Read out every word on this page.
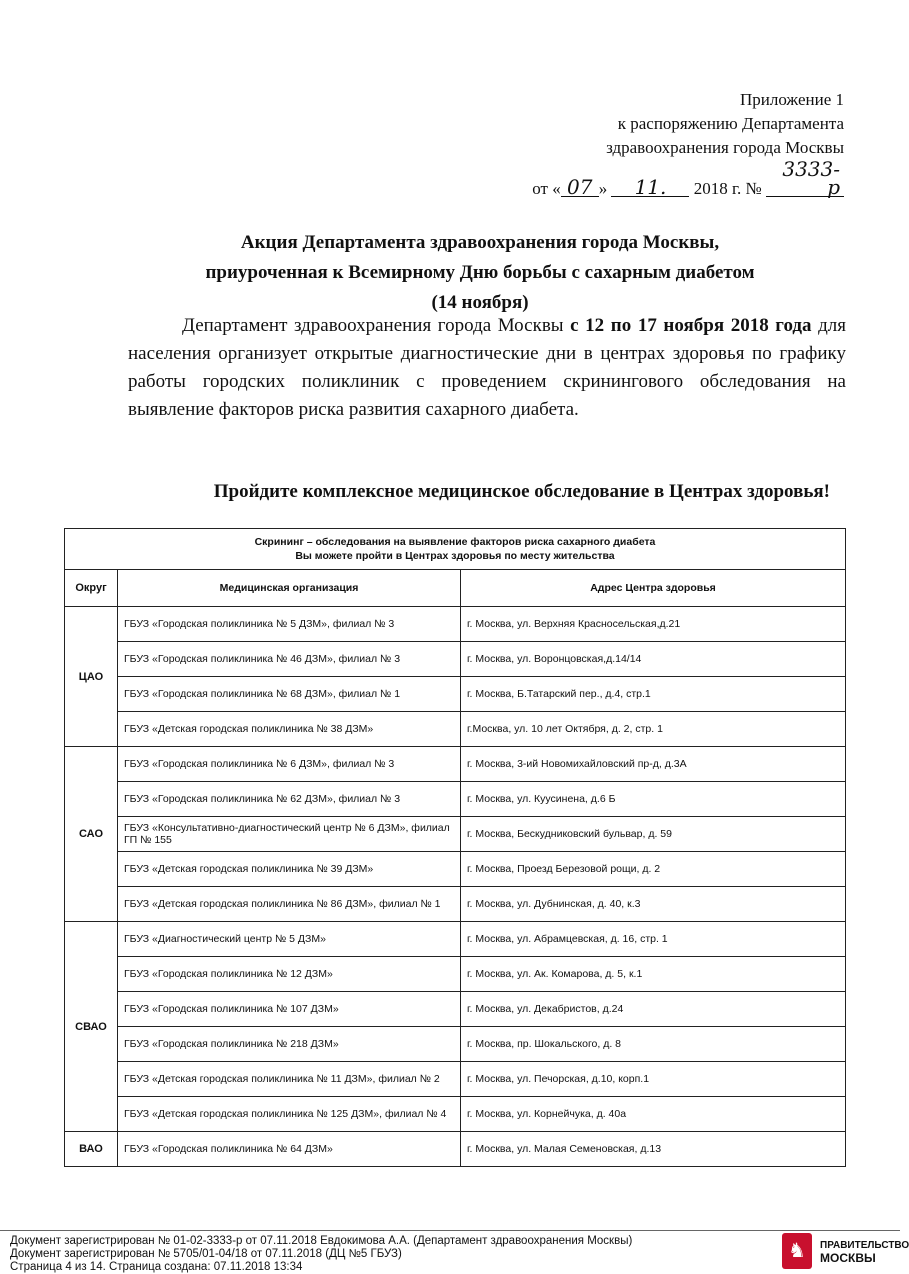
Приложение 1
к распоряжению Департамента
здравоохранения города Москвы
от « 07 » 11. 2018 г. № 3333-р
Акция Департамента здравоохранения города Москвы,
приуроченная к Всемирному Дню борьбы с сахарным диабетом
(14 ноября)
Департамент здравоохранения города Москвы с 12 по 17 ноября 2018 года для населения организует открытые диагностические дни в центрах здоровья по графику работы городских поликлиник с проведением скринингового обследования на выявление факторов риска развития сахарного диабета.
Пройдите комплексное медицинское обследование в Центрах здоровья!
Скрининг – обследования на выявление факторов риска сахарного диабета
Вы можете пройти в Центрах здоровья по месту жительства		

Округ	Медицинская организация	Адрес Центра здоровья
ЦАО	ГБУЗ «Городская поликлиника № 5 ДЗМ», филиал № 3	г. Москва, ул. Верхняя Красносельская,д.21
	ГБУЗ «Городская поликлиника № 46 ДЗМ», филиал № 3	г. Москва, ул. Воронцовская,д.14/14
	ГБУЗ «Городская поликлиника № 68 ДЗМ», филиал № 1	г. Москва, Б.Татарский пер., д.4, стр.1
	ГБУЗ «Детская городская поликлиника № 38 ДЗМ»	г.Москва, ул. 10 лет Октября, д. 2, стр. 1
САО	ГБУЗ «Городская поликлиника № 6 ДЗМ», филиал № 3	г. Москва, 3-ий Новомихайловский пр-д, д.3А
	ГБУЗ «Городская поликлиника № 62 ДЗМ», филиал № 3	г. Москва, ул. Куусинена, д.6 Б
	ГБУЗ «Консультативно-диагностический центр № 6 ДЗМ», филиал ГП № 155	г. Москва, Бескудниковский бульвар, д. 59
	ГБУЗ «Детская городская поликлиника № 39 ДЗМ»	г. Москва, Проезд Березовой рощи, д. 2
	ГБУЗ «Детская городская поликлиника № 86 ДЗМ», филиал № 1	г. Москва, ул. Дубнинская, д. 40, к.3
СВАО	ГБУЗ «Диагностический центр № 5 ДЗМ»	г. Москва, ул. Абрамцевская, д. 16, стр. 1
	ГБУЗ «Городская поликлиника № 12 ДЗМ»	г. Москва, ул. Ак. Комарова, д. 5, к.1
	ГБУЗ «Городская поликлиника № 107 ДЗМ»	г. Москва, ул. Декабристов, д.24
	ГБУЗ «Городская поликлиника № 218 ДЗМ»	г. Москва, пр. Шокальского, д. 8
	ГБУЗ «Детская городская поликлиника № 11 ДЗМ», филиал № 2	г. Москва, ул. Печорская, д.10, корп.1
	ГБУЗ «Детская городская поликлиника № 125 ДЗМ», филиал № 4	г. Москва, ул. Корнейчука, д. 40а
ВАО	ГБУЗ «Городская поликлиника № 64 ДЗМ»	г. Москва, ул. Малая Семеновская, д.13
Документ зарегистрирован № 01-02-3333-р от 07.11.2018 Евдокимова А.А. (Департамент здравоохранения Москвы)
Документ зарегистрирован № 5705/01-04/18 от 07.11.2018 (ДЦ №5 ГБУЗ)
Страница 4 из 14. Страница создана: 07.11.2018 13:34
♞	ПРАВИТЕЛЬСТВО
МОСКВЫ
